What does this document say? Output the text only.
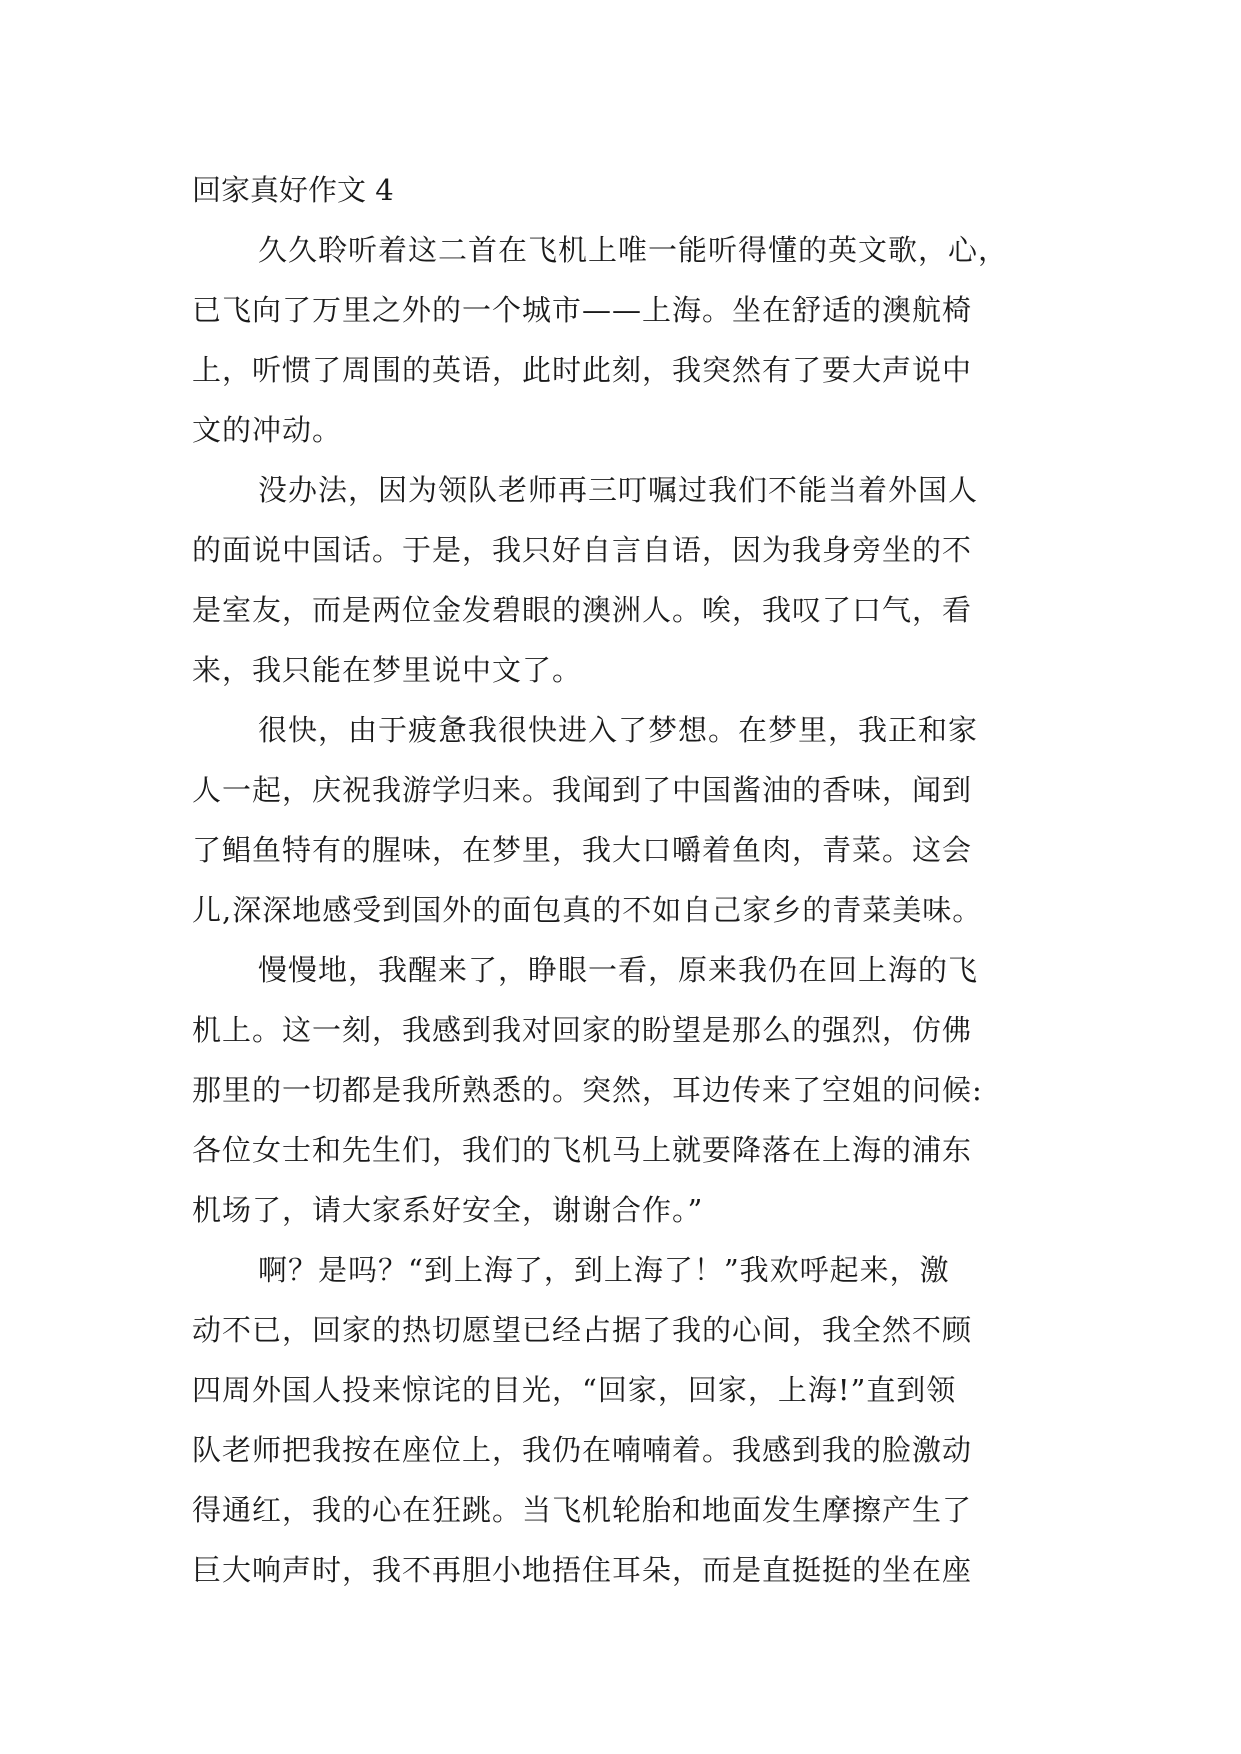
回家真好作文 4
久久聆听着这二首在飞机上唯一能听得懂的英文歌，心，
已飞向了万里之外的一个城市——上海。坐在舒适的澳航椅
上，听惯了周围的英语，此时此刻，我突然有了要大声说中
文的冲动。
没办法，因为领队老师再三叮嘱过我们不能当着外国人
的面说中国话。于是，我只好自言自语，因为我身旁坐的不
是室友，而是两位金发碧眼的澳洲人。唉，我叹了口气，看
来，我只能在梦里说中文了。
很快，由于疲惫我很快进入了梦想。在梦里，我正和家
人一起，庆祝我游学归来。我闻到了中国酱油的香味，闻到
了鲳鱼特有的腥味，在梦里，我大口嚼着鱼肉，青菜。这会
儿,深深地感受到国外的面包真的不如自己家乡的青菜美味。
慢慢地，我醒来了，睁眼一看，原来我仍在回上海的飞
机上。这一刻，我感到我对回家的盼望是那么的强烈，仿佛
那里的一切都是我所熟悉的。突然，耳边传来了空姐的问候:
各位女士和先生们，我们的飞机马上就要降落在上海的浦东
机场了，请大家系好安全，谢谢合作。”
啊？是吗？“到上海了，到上海了！”我欢呼起来，激
动不已，回家的热切愿望已经占据了我的心间，我全然不顾
四周外国人投来惊诧的目光，“回家，回家，上海!”直到领
队老师把我按在座位上，我仍在喃喃着。我感到我的脸激动
得通红，我的心在狂跳。当飞机轮胎和地面发生摩擦产生了
巨大响声时，我不再胆小地捂住耳朵，而是直挺挺的坐在座
